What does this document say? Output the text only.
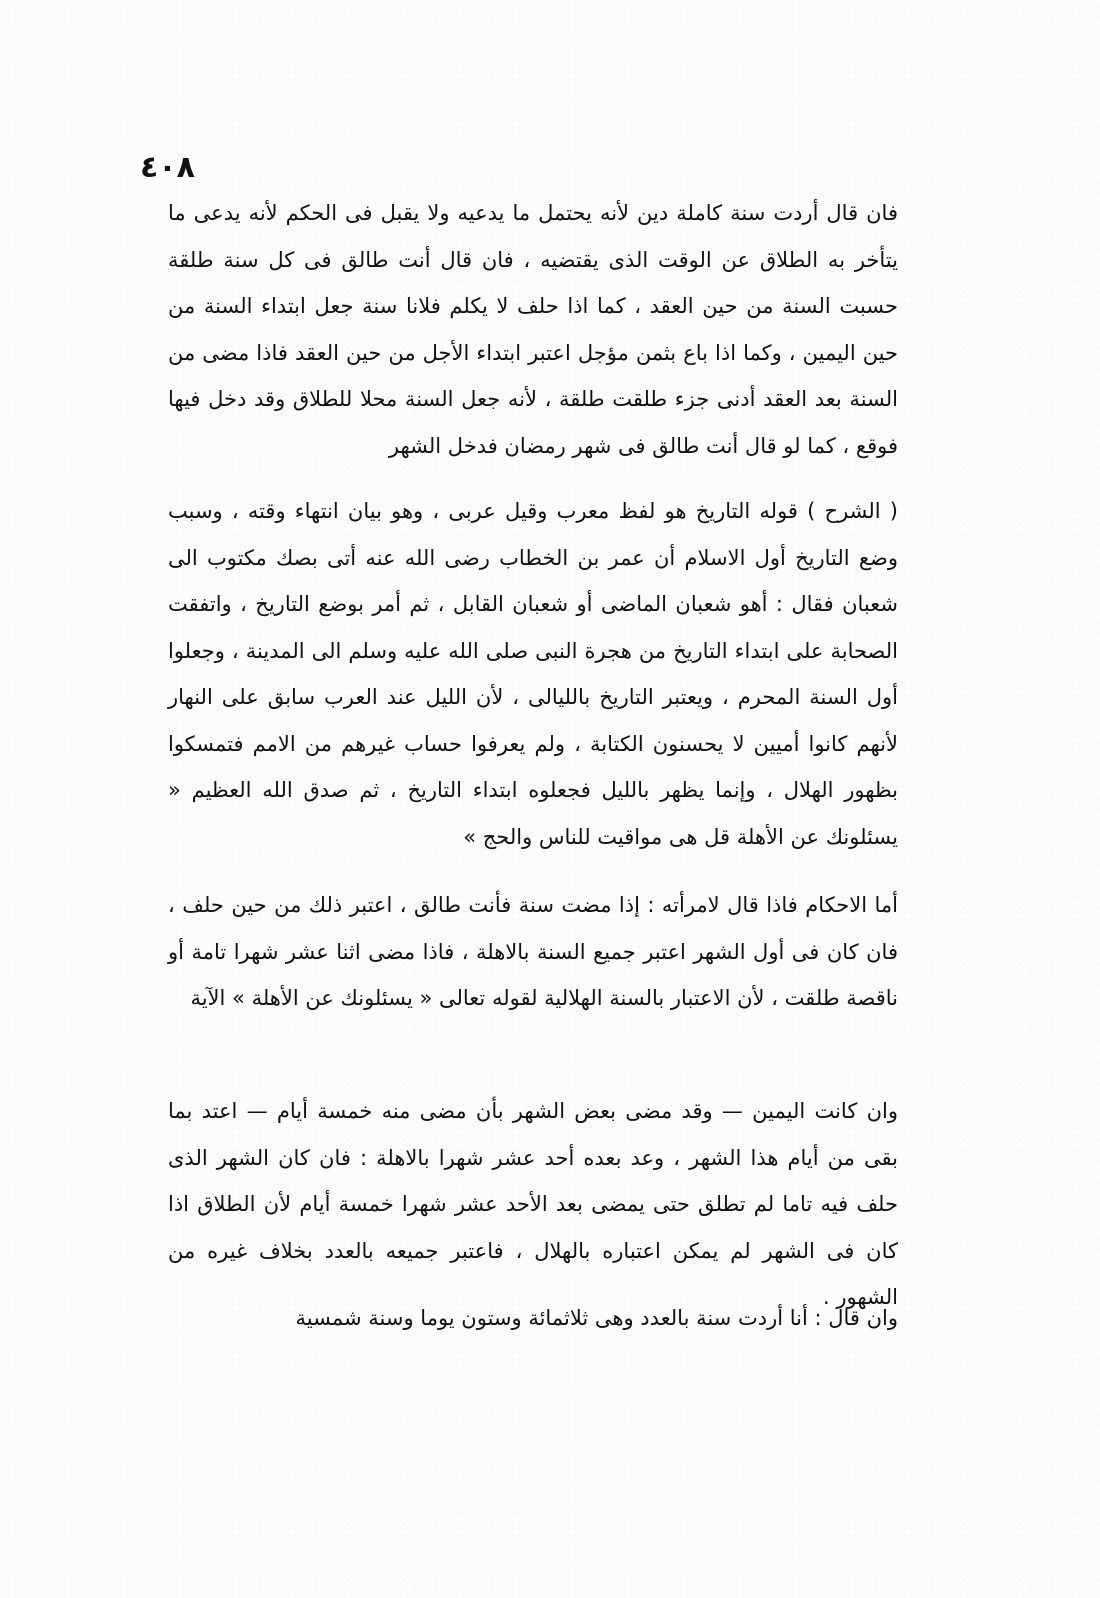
٤٠٨

فان قال أردت سنة كاملة دين لأنه يحتمل ما يدعيه ولا يقبل فى الحكم لأنه يدعى ما يتأخر به الطلاق عن الوقت الذى يقتضيه ، فان قال أنت طالق فى كل سنة طلقة حسبت السنة من حين العقد ، كما اذا حلف لا يكلم فلانا سنة جعل ابتداء السنة من حين اليمين ، وكما اذا باع بثمن مؤجل اعتبر ابتداء الأجل من حين العقد فاذا مضى من السنة بعد العقد أدنى جزء طلقت طلقة ، لأنه جعل السنة محلا للطلاق وقد دخل فيها فوقع ، كما لو قال أنت طالق فى شهر رمضان فدخل الشهر

( الشرح ) قوله التاريخ هو لفظ معرب وقيل عربى ، وهو بيان انتهاء وقته ، وسبب وضع التاريخ أول الاسلام أن عمر بن الخطاب رضى الله عنه أتى بصك مكتوب الى شعبان فقال : أهو شعبان الماضى أو شعبان القابل ، ثم أمر بوضع التاريخ ، واتفقت الصحابة على ابتداء التاريخ من هجرة النبى صلى الله عليه وسلم الى المدينة ، وجعلوا أول السنة المحرم ، ويعتبر التاريخ بالليالى ، لأن الليل عند العرب سابق على النهار لأنهم كانوا أميين لا يحسنون الكتابة ، ولم يعرفوا حساب غيرهم من الامم فتمسكوا بظهور الهلال ، وإنما يظهر بالليل فجعلوه ابتداء التاريخ ، ثم صدق الله العظيم « يسئلونك عن الأهلة قل هى مواقيت للناس والحج »

أما الاحكام فاذا قال لامرأته : إذا مضت سنة فأنت طالق ، اعتبر ذلك من حين حلف ، فان كان فى أول الشهر اعتبر جميع السنة بالاهلة ، فاذا مضى اثنا عشر شهرا تامة أو ناقصة طلقت ، لأن الاعتبار بالسنة الهلالية لقوله تعالى « يسئلونك عن الأهلة » الآية

وان كانت اليمين — وقد مضى بعض الشهر بأن مضى منه خمسة أيام — اعتد بما بقى من أيام هذا الشهر ، وعد بعده أحد عشر شهرا بالاهلة : فان كان الشهر الذى حلف فيه تاما لم تطلق حتى يمضى بعد الأحد عشر شهرا خمسة أيام لأن الطلاق اذا كان فى الشهر لم يمكن اعتباره بالهلال ، فاعتبر جميعه بالعدد بخلاف غيره من الشهور .

وان قال : أنا أردت سنة بالعدد وهى ثلاثمائة وستون يوما وسنة شمسية
